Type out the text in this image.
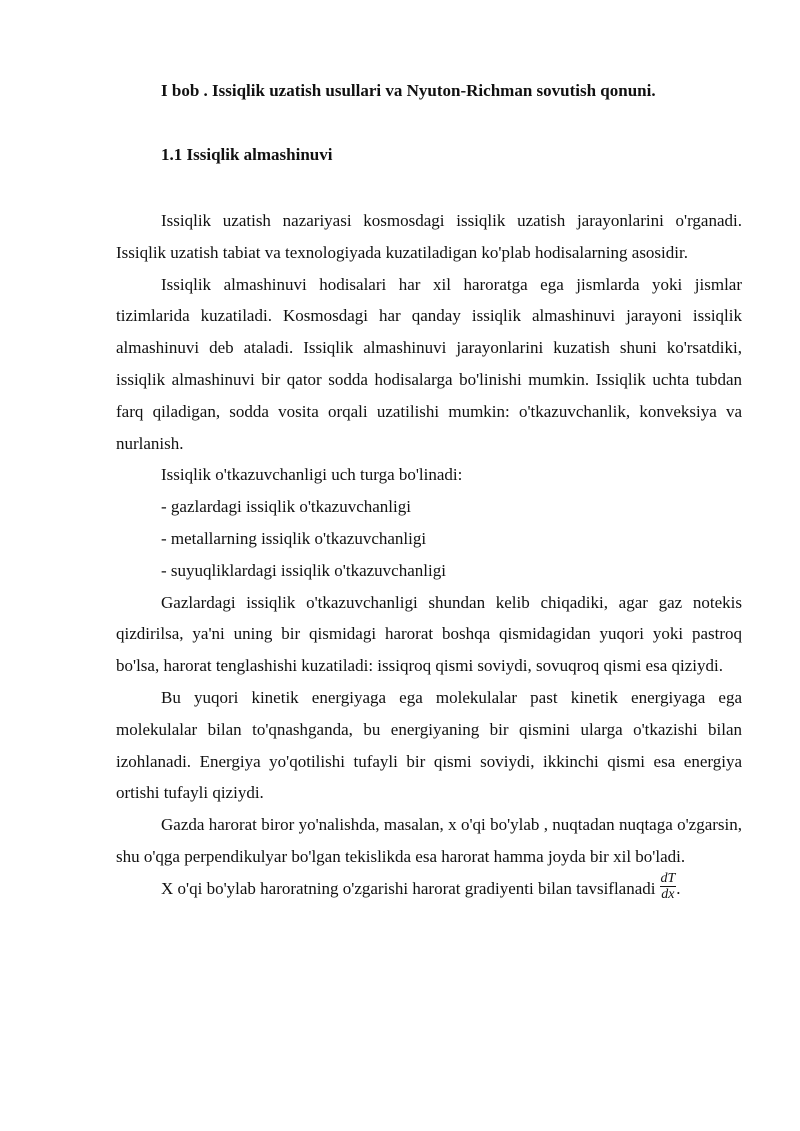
I bob . Issiqlik uzatish usullari va Nyuton-Richman sovutish qonuni.
1.1 Issiqlik almashinuvi

Issiqlik uzatish nazariyasi kosmosdagi issiqlik uzatish jarayonlarini o'rganadi. Issiqlik uzatish tabiat va texnologiyada kuzatiladigan ko'plab hodisalarning asosidir.

Issiqlik almashinuvi hodisalari har xil haroratga ega jismlarda yoki jismlar tizimlarida kuzatiladi. Kosmosdagi har qanday issiqlik almashinuvi jarayoni issiqlik almashinuvi deb ataladi. Issiqlik almashinuvi jarayonlarini kuzatish shuni ko'rsatdiki, issiqlik almashinuvi bir qator sodda hodisalarga bo'linishi mumkin. Issiqlik uchta tubdan farq qiladigan, sodda vosita orqali uzatilishi mumkin: o'tkazuvchanlik, konveksiya va nurlanish.

Issiqlik o'tkazuvchanligi uch turga bo'linadi:

- gazlardagi issiqlik o'tkazuvchanligi

- metallarning issiqlik o'tkazuvchanligi

- suyuqliklardagi issiqlik o'tkazuvchanligi

Gazlardagi issiqlik o'tkazuvchanligi shundan kelib chiqadiki, agar gaz notekis qizdirilsa, ya'ni uning bir qismidagi harorat boshqa qismidagidan yuqori yoki pastroq bo'lsa, harorat tenglashishi kuzatiladi: issiqroq qismi soviydi, sovuqroq qismi esa qiziydi.

Bu yuqori kinetik energiyaga ega molekulalar past kinetik energiyaga ega molekulalar bilan to'qnashganda, bu energiyaning bir qismini ularga o'tkazishi bilan izohlanadi. Energiya yo'qotilishi tufayli bir qismi soviydi, ikkinchi qismi esa energiya ortishi tufayli qiziydi.

Gazda harorat biror yo'nalishda, masalan, x o'qi bo'ylab , nuqtadan nuqtaga o'zgarsin, shu o'qga perpendikulyar bo'lgan tekislikda esa harorat hamma joyda bir xil bo'ladi.

X o'qi bo'ylab haroratning o'zgarishi harorat gradiyenti bilan tavsiflanadi $\frac{dT}{dx}$ .
